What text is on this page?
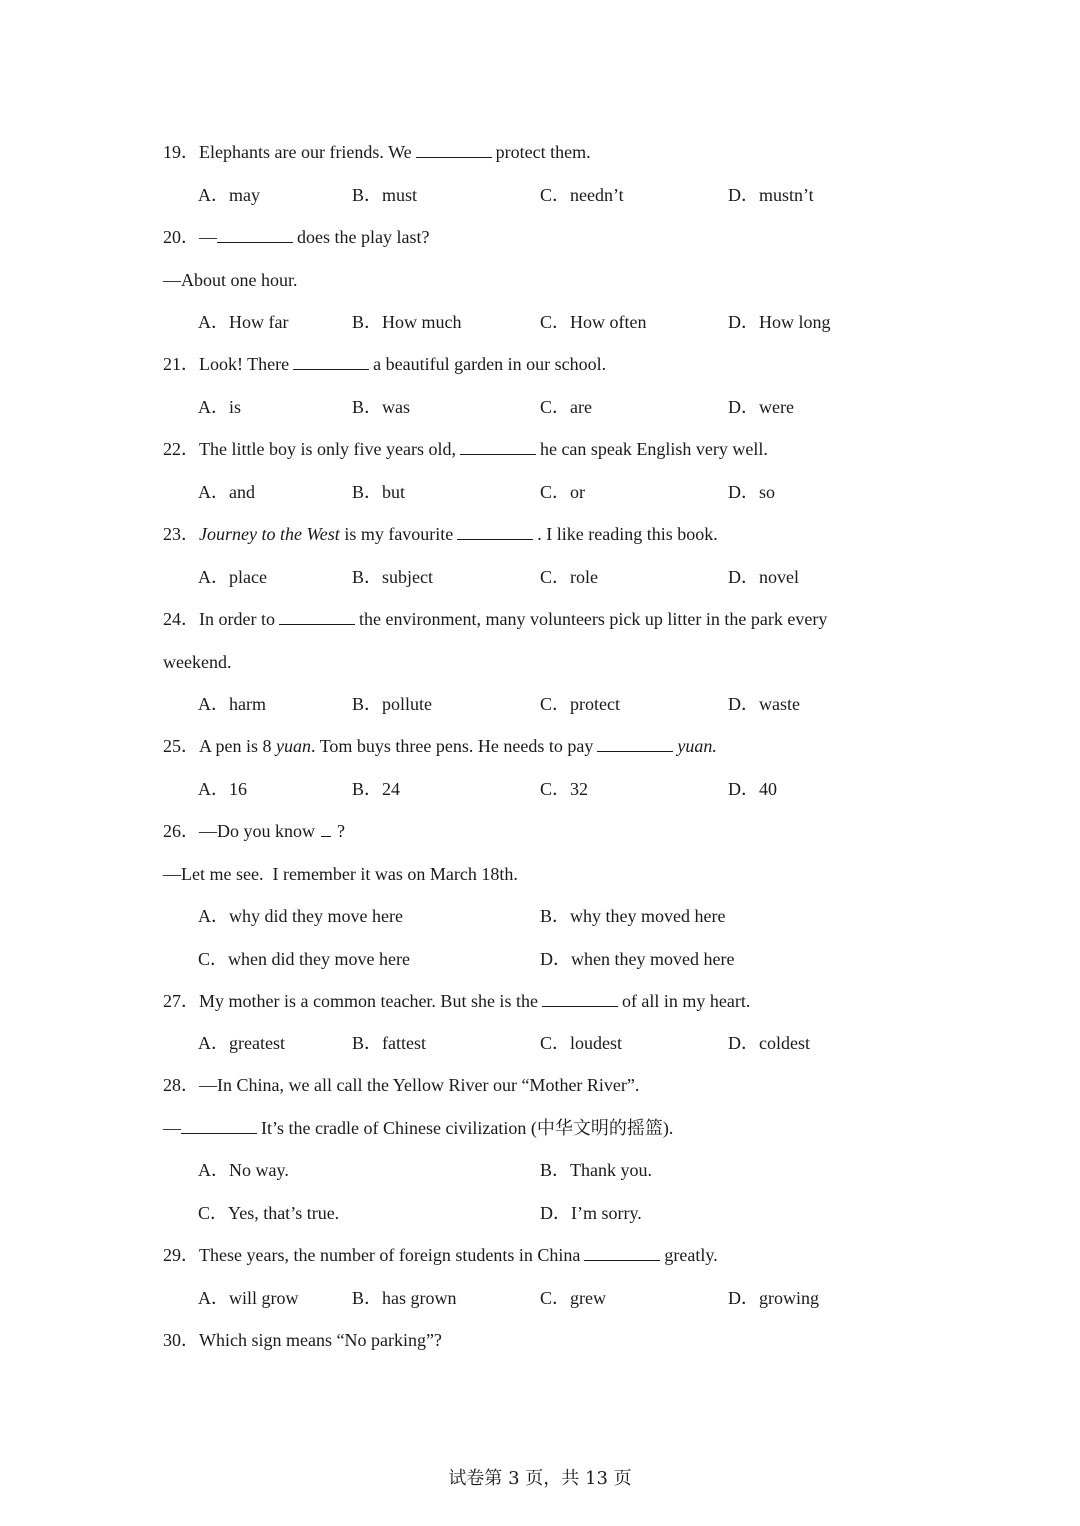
19．Elephants are our friends. We	protect them.
A．may	B．must	C．needn’t	D．mustn’t
20．—	does the play last?
—About one hour.
A．How far	B．How much	C．How often	D．How long
21．Look! There	a beautiful garden in our school.
A．is	B．was	C．are	D．were
22．The little boy is only five years old,	he can speak English very well.
A．and	B．but	C．or	D．so
23．Journey to the West is my favourite	. I like reading this book.
A．place	B．subject	C．role	D．novel
24．In order to	the environment, many volunteers pick up litter in the park every
weekend.
A．harm	B．pollute	C．protect	D．waste
25．A pen is 8 yuan. Tom buys three pens. He needs to pay	yuan.
A．16	B．24	C．32	D．40
26．—Do you know ?
—Let me see.  I remember it was on March 18th.
A．why did they move here	B．why they moved here
C．when did they move here	D．when they moved here
27．My mother is a common teacher. But she is the	of all in my heart.
A．greatest	B．fattest	C．loudest	D．coldest
28．—In China, we all call the Yellow River our “Mother River”.
—	It’s the cradle of Chinese civilization (中华文明的摇篮).
A．No way.	B．Thank you.
C．Yes, that’s true.	D．I’m sorry.
29．These years, the number of foreign students in China	greatly.
A．will grow	B．has grown	C．grew	D．growing
30．Which sign means “No parking”?
试卷第 3 页，共 13 页
